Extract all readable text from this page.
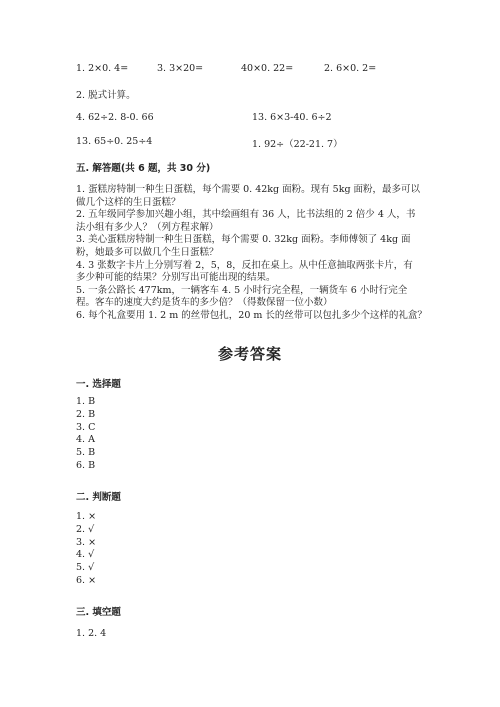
1. 2×0. 4=	3. 3×20=	40×0. 22=	2. 6×0. 2=
2. 脱式计算。
4. 62÷2. 8-0. 66	13. 6×3-40. 6÷2
13. 65÷0. 25÷4	1. 92÷（22-21. 7）
五. 解答题(共 6 题，共 30 分)
1. 蛋糕房特制一种生日蛋糕，每个需要 0. 42kg 面粉。现有 5kg 面粉，最多可以
做几个这样的生日蛋糕？
2. 五年级同学参加兴趣小组，其中绘画组有 36 人，比书法组的 2 倍少 4 人，书
法小组有多少人？（列方程求解）
3. 美心蛋糕房特制一种生日蛋糕，每个需要 0. 32kg 面粉。李师傅领了 4kg 面
粉，她最多可以做几个生日蛋糕？
4. 3 张数字卡片上分别写着 2，5，8，反扣在桌上。从中任意抽取两张卡片，有
多少种可能的结果？分别写出可能出现的结果。
5. 一条公路长 477km，一辆客车 4. 5 小时行完全程，一辆货车 6 小时行完全
程。客车的速度大约是货车的多少倍？（得数保留一位小数）
6. 每个礼盒要用 1. 2 m 的丝带包扎，20 m 长的丝带可以包扎多少个这样的礼盒？
参考答案
一. 选择题
1. B
2. B
3. C
4. A
5. B
6. B
二. 判断题
1. ×
2. √
3. ×
4. √
5. √
6. ×
三. 填空题
1. 2. 4
